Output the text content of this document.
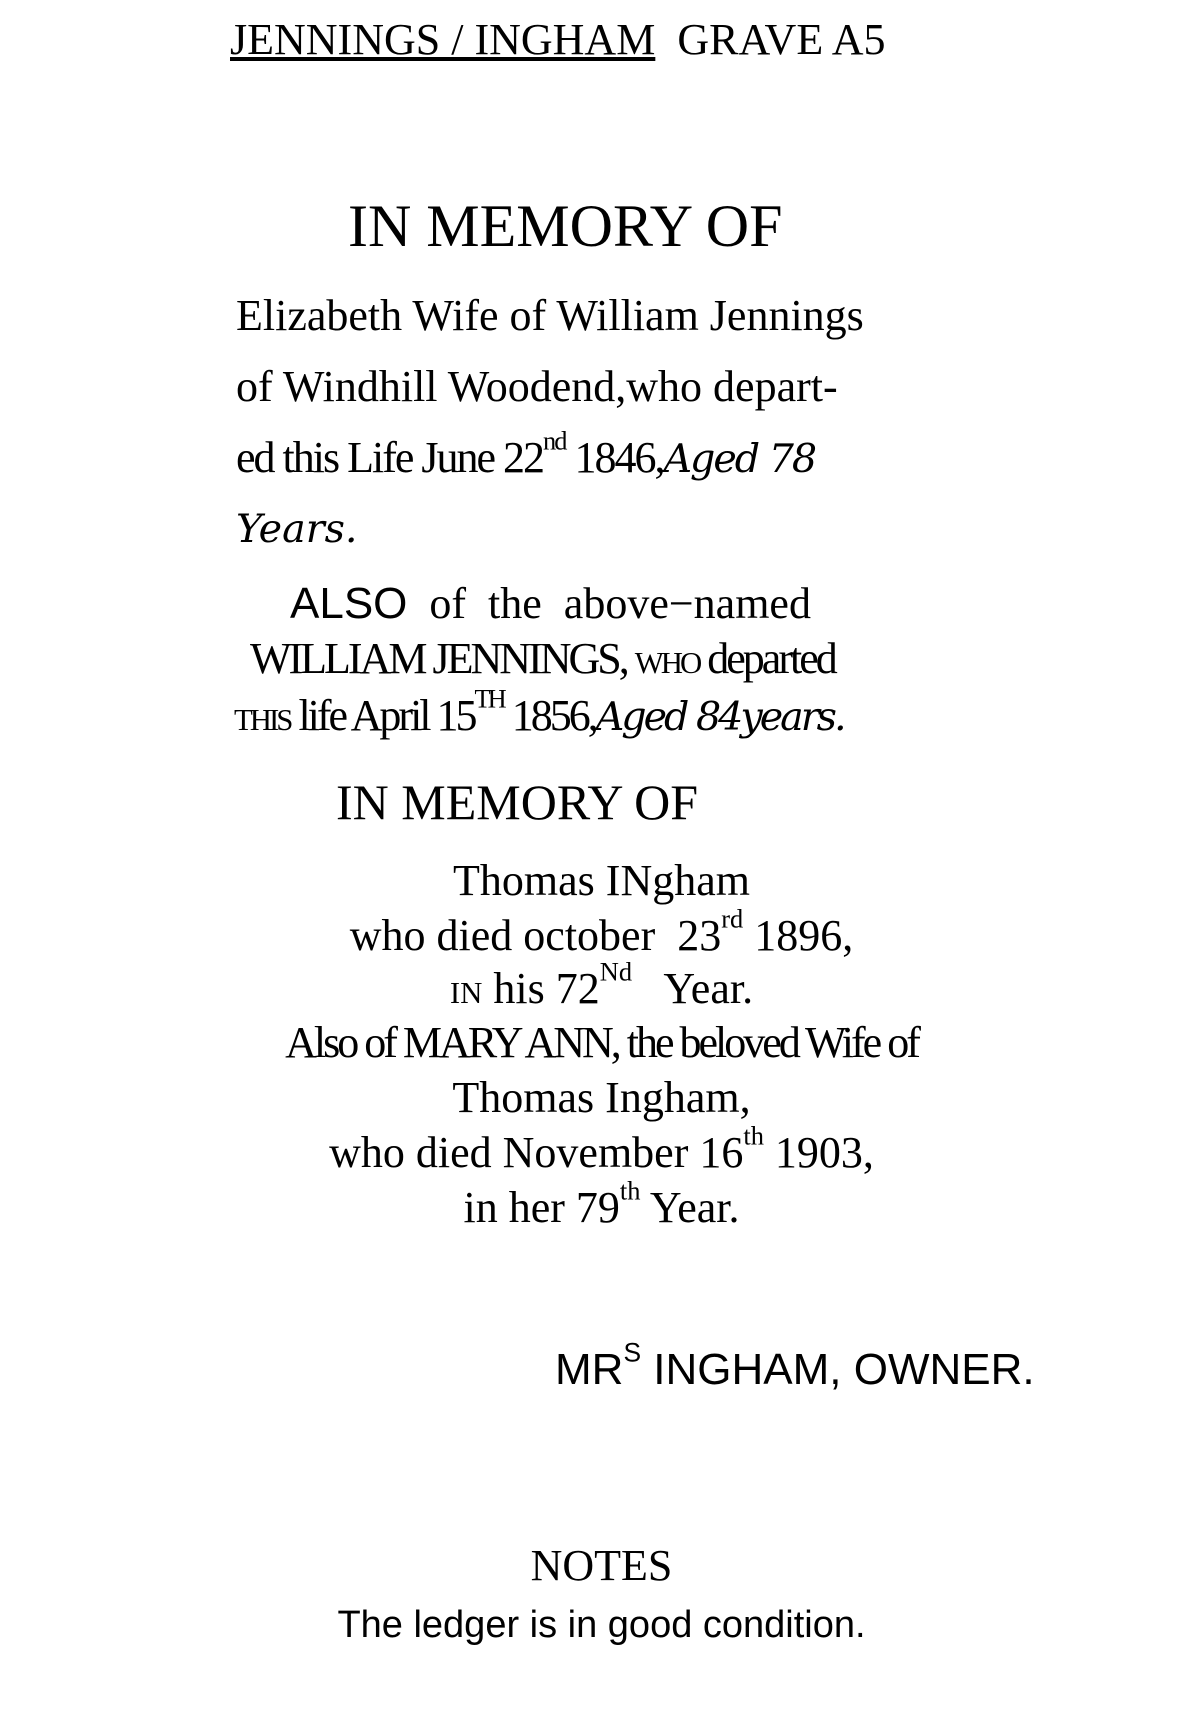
JENNINGS / INGHAM GRAVE A5
IN MEMORY OF
Elizabeth Wife of William Jennings
of Windhill Woodend,who depart-
ed this Life June 22nd 1846,Aged 78
Years.
ALSO  of  the  above−named
WILLIAM JENNINGS, WHO departed
THIS life April 15TH 1856,Aged 84years.
IN MEMORY OF
Thomas INgham
who died october  23rd 1896,
IN his 72Nd   Year.
Also of MARY ANN, the beloved Wife of
Thomas Ingham,
who died November 16th 1903,
in her 79th Year.
$MR^S$ INGHAM, OWNER.
NOTES
The ledger is in good condition.
